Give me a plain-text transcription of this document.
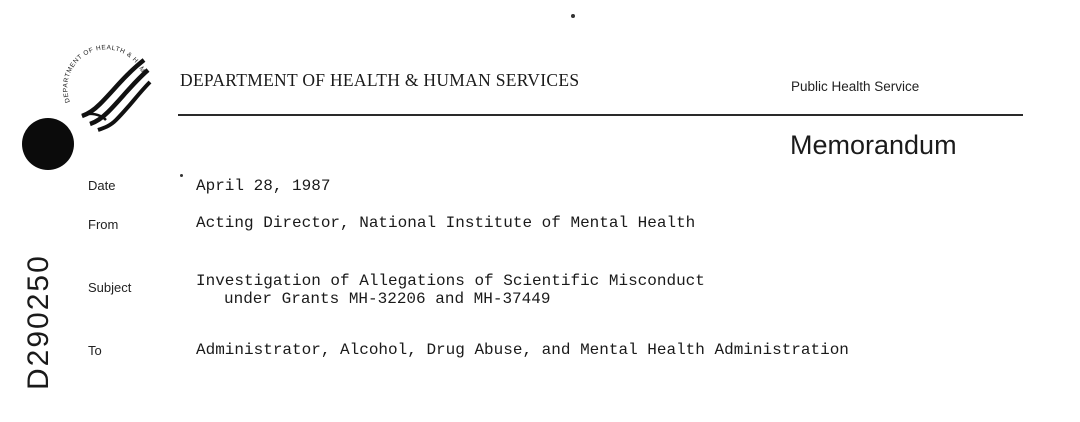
DEPARTMENT OF HEALTH & HUM
DEPARTMENT OF HEALTH & HUMAN SERVICES	Public Health Service
Memorandum
Date	April 28, 1987
From	Acting Director, National Institute of Mental Health
Subject	Investigation of Allegations of Scientific Misconduct
under Grants MH-32206 and MH-37449
To	Administrator, Alcohol, Drug Abuse, and Mental Health Administration
D290250
